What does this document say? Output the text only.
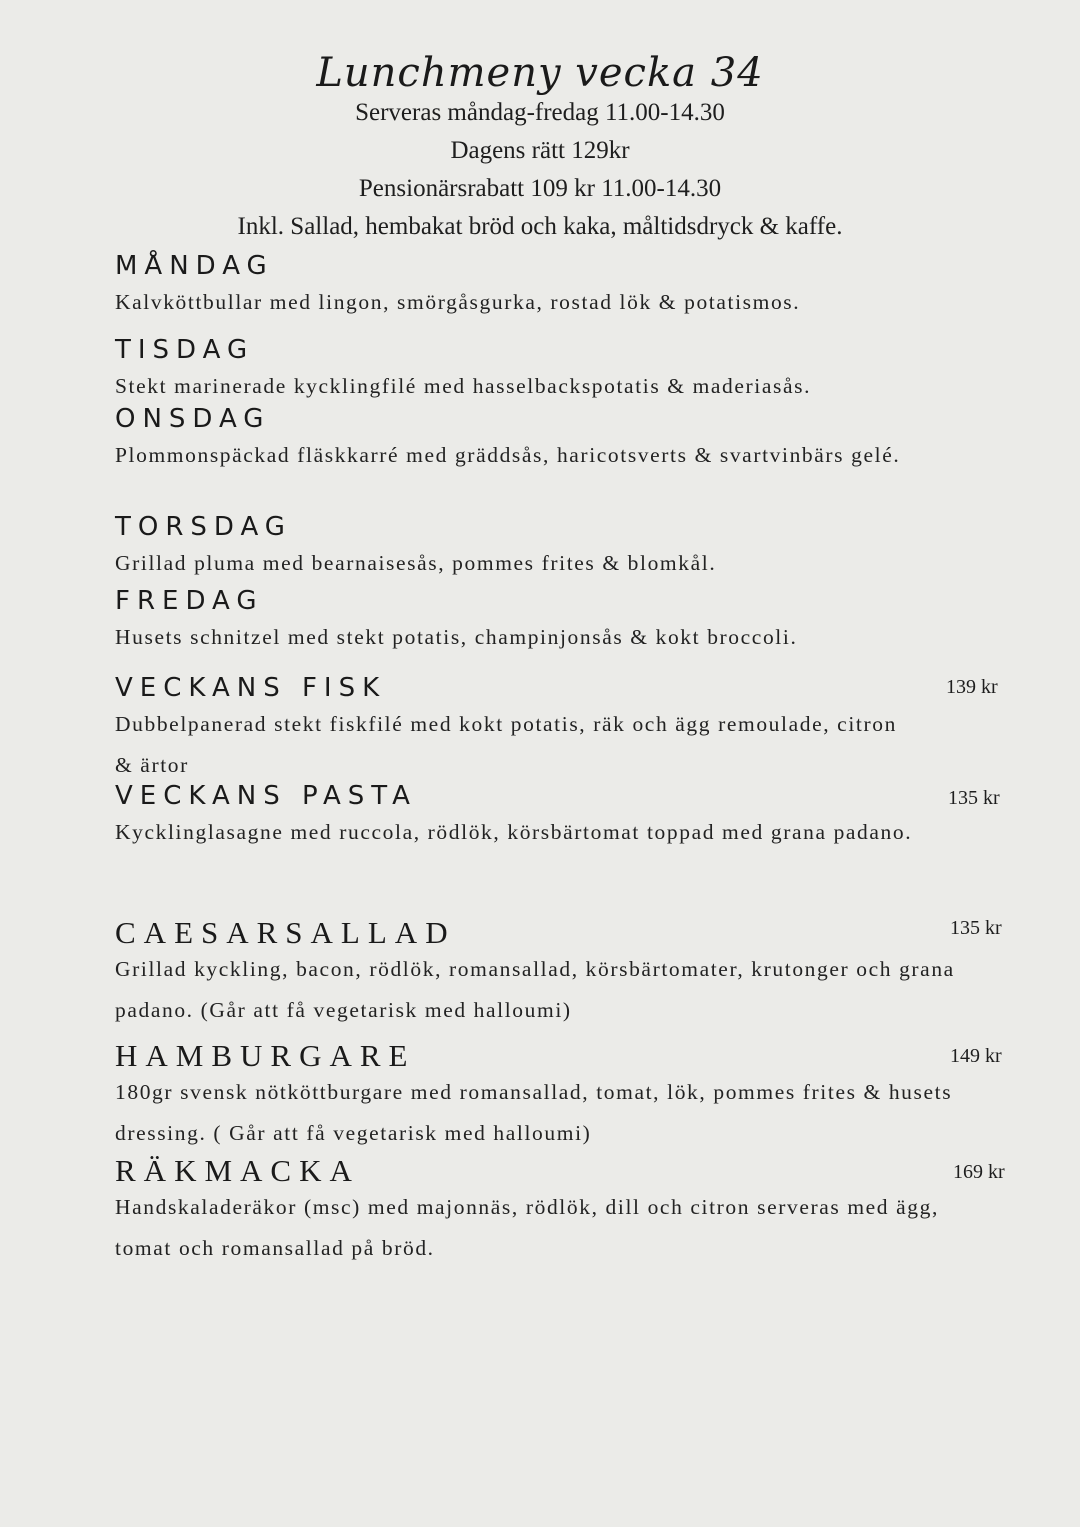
Lunchmeny vecka 34
Serveras måndag-fredag 11.00-14.30
Dagens rätt 129kr
Pensionärsrabatt 109 kr 11.00-14.30
Inkl. Sallad, hembakat bröd och kaka, måltidsdryck & kaffe.
MÅNDAG
Kalvköttbullar med lingon, smörgåsgurka, rostad lök & potatismos.
TISDAG
Stekt marinerade kycklingfilé med hasselbackspotatis & maderiasås.
ONSDAG
Plommonspäckad fläskkarré med gräddsås, haricotsverts & svartvinbärs gelé.
TORSDAG
Grillad pluma med bearnaisesås, pommes frites & blomkål.
FREDAG
Husets schnitzel med stekt potatis, champinjonsås & kokt broccoli.
VECKANS FISK
Dubbelpanerad stekt fiskfilé med kokt potatis, räk och ägg remoulade, citron & ärtor
139 kr
VECKANS PASTA
Kycklinglasagne med ruccola, rödlök, körsbärtomat toppad med grana padano.
135 kr
CAESARSALLAD
Grillad kyckling, bacon, rödlök, romansallad, körsbärtomater, krutonger och grana padano. (Går att få vegetarisk med halloumi)
135 kr
HAMBURGARE
180gr svensk nötköttburgare med romansallad, tomat, lök, pommes frites & husets dressing. ( Går att få vegetarisk med halloumi)
149 kr
RÄKMACKA
Handskaladeräkor (msc) med majonnäs, rödlök, dill och citron serveras med ägg, tomat och romansallad på bröd.
169 kr
